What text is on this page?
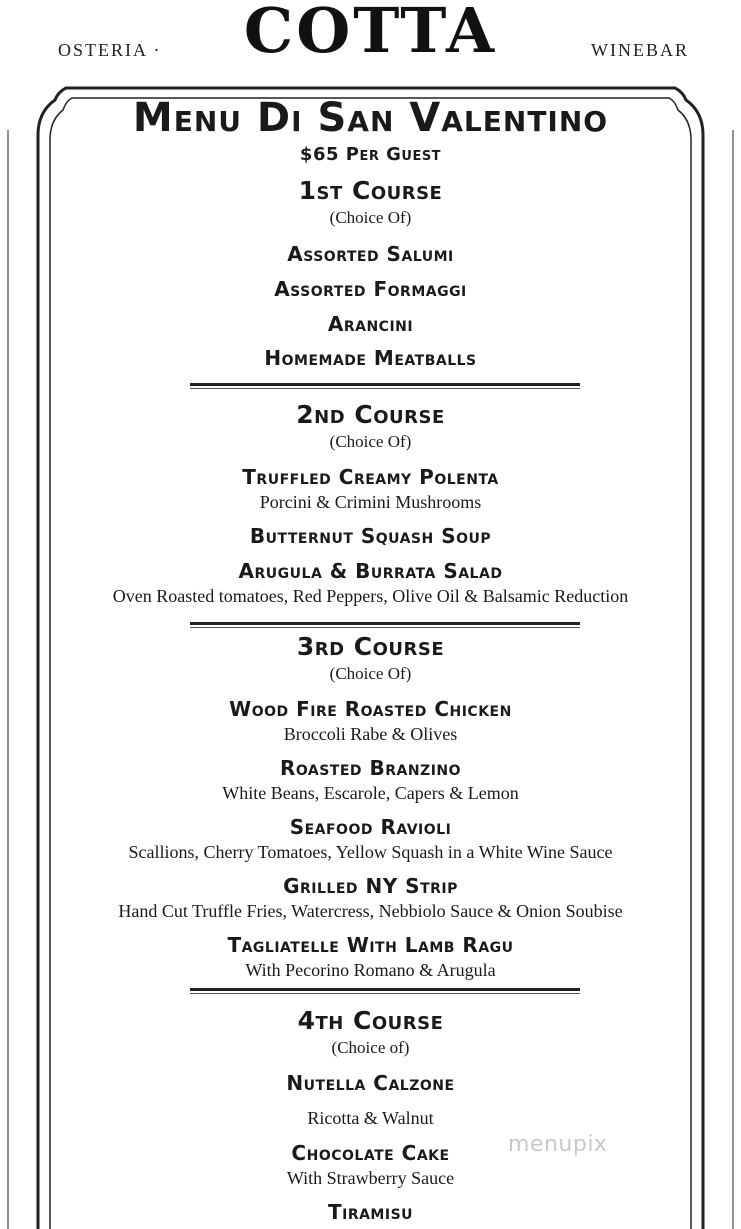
OSTERIA ·	COTTA	WINEBAR
Menu Di San Valentino
$65 Per Guest
1st Course
(Choice Of)
Assorted Salumi
Assorted Formaggi
Arancini
Homemade Meatballs
2nd Course
(Choice Of)
Truffled Creamy Polenta
Porcini & Crimini Mushrooms
Butternut Squash Soup
Arugula & Burrata Salad
Oven Roasted tomatoes, Red Peppers, Olive Oil & Balsamic Reduction
3rd Course
(Choice Of)
Wood Fire Roasted Chicken
Broccoli Rabe & Olives
Roasted Branzino
White Beans, Escarole, Capers & Lemon
Seafood Ravioli
Scallions, Cherry Tomatoes, Yellow Squash in a White Wine Sauce
Grilled NY Strip
Hand Cut Truffle Fries, Watercress, Nebbiolo Sauce & Onion Soubise
Tagliatelle With Lamb Ragu
With Pecorino Romano & Arugula
4th Course
(Choice of)
Nutella Calzone
Ricotta & Walnut
Chocolate Cake
With Strawberry Sauce
Tiramisu
menupix
